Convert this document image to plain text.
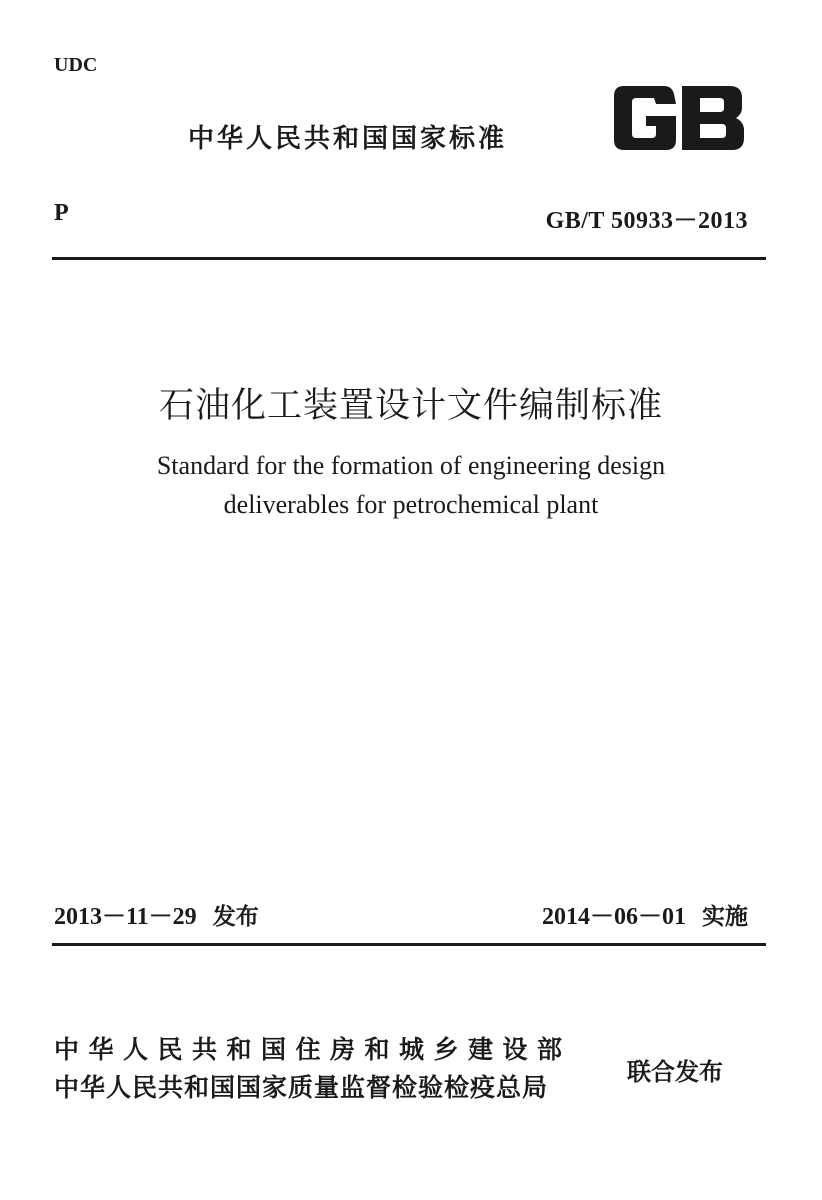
UDC
中华人民共和国国家标准	GB
P	GB/T 50933－2013
石油化工装置设计文件编制标准
Standard for the formation of engineering design
deliverables for petrochemical plant
2013－11－29 发布	2014－06－01 实施
中华人民共和国住房和城乡建设部
中华人民共和国国家质量监督检验检疫总局
联合发布
